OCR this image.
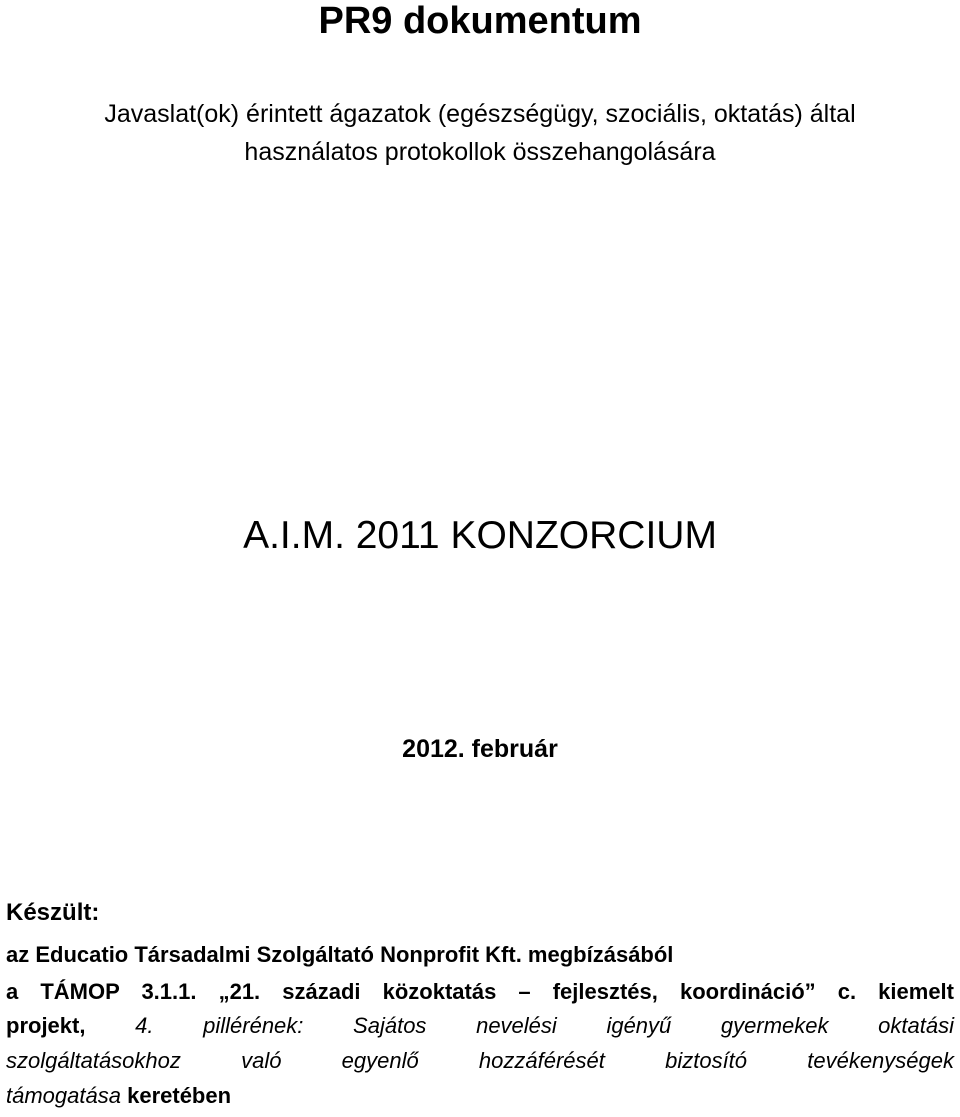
PR9 dokumentum
Javaslat(ok) érintett ágazatok (egészségügy, szociális, oktatás) által
használatos protokollok összehangolására
A.I.M. 2011 KONZORCIUM
2012. február
Készült:
az Educatio Társadalmi Szolgáltató Nonprofit Kft. megbízásából
a TÁMOP 3.1.1. „21. századi közoktatás – fejlesztés, koordináció” c. kiemelt
projekt, 4. pillérének: Sajátos nevelési igényű gyermekek oktatási
szolgáltatásokhoz való egyenlő hozzáférését biztosító tevékenységek
támogatása keretében
